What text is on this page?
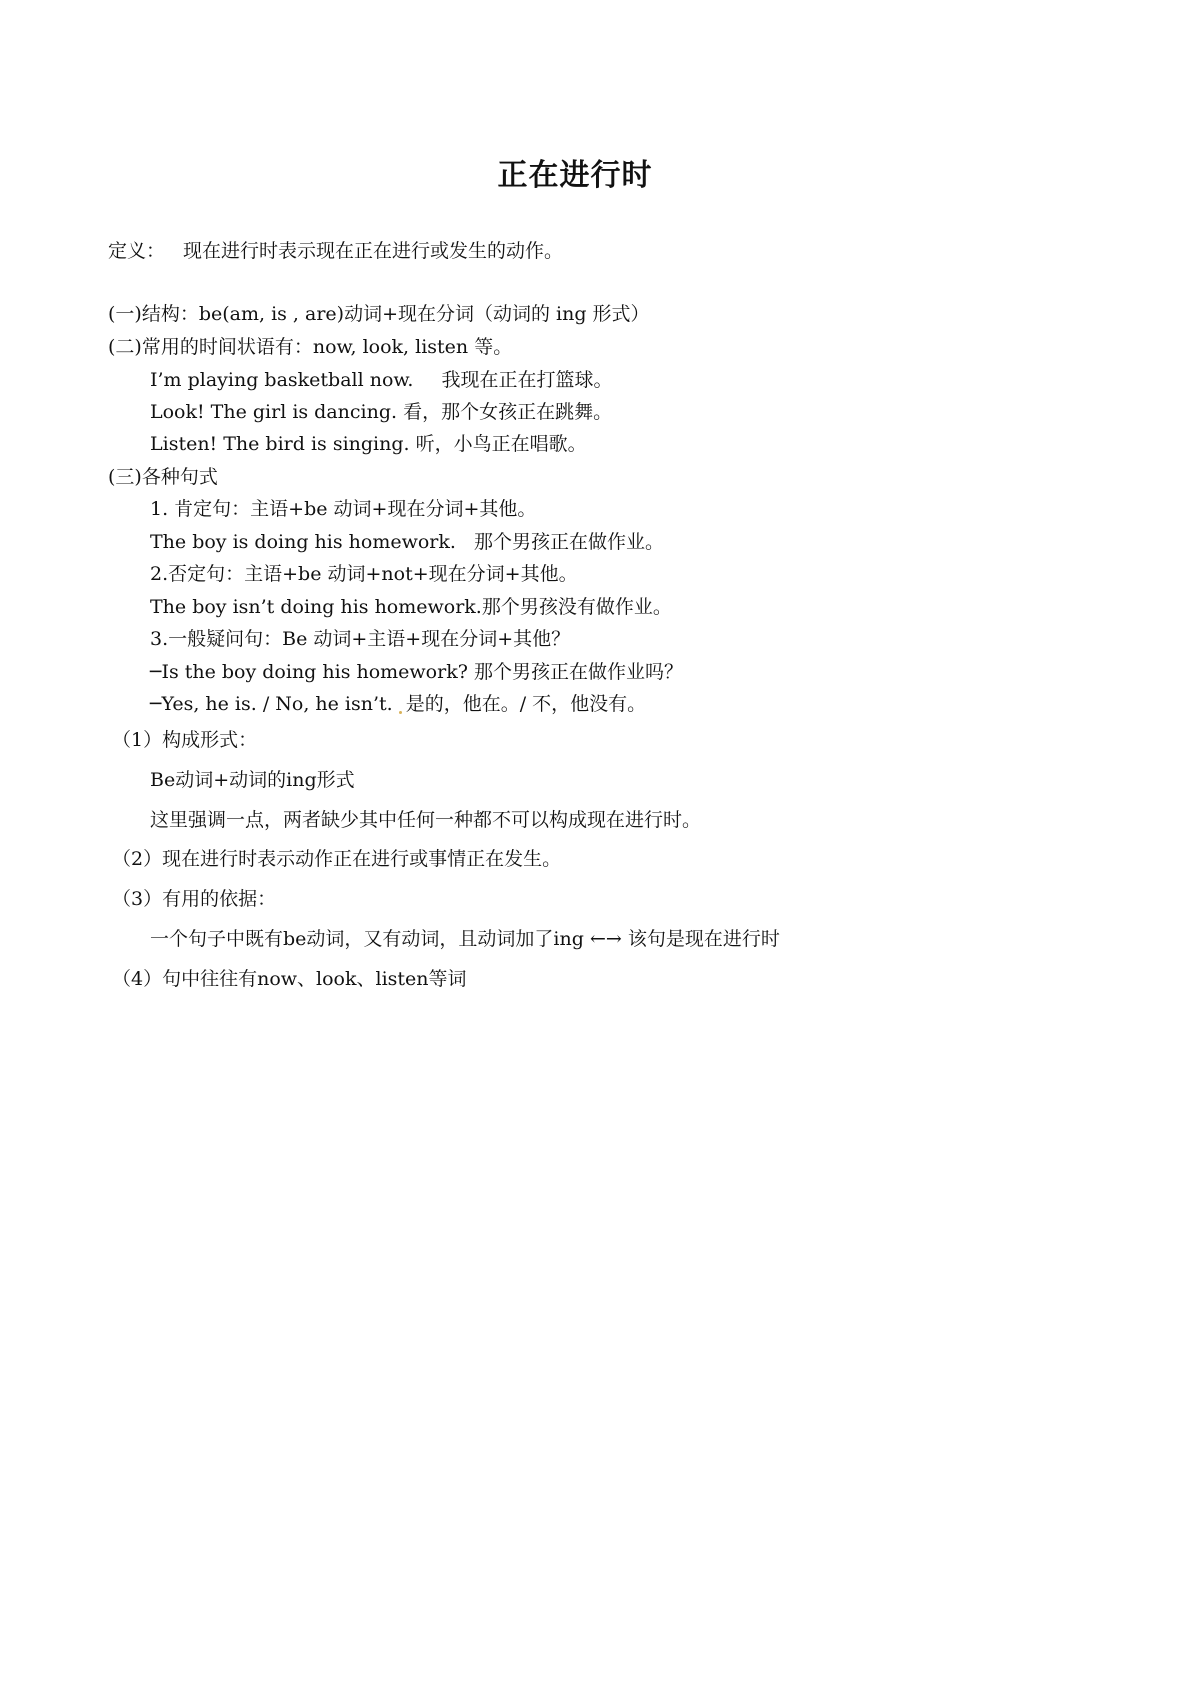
正在进行时
定义： 现在进行时表示现在正在进行或发生的动作。
(一)结构：be(am, is , are)动词+现在分词（动词的 ing 形式）
(二)常用的时间状语有：now, look, listen 等。
I’m playing basketball now. 我现在正在打篮球。
Look! The girl is dancing. 看，那个女孩正在跳舞。
Listen! The bird is singing. 听，小鸟正在唱歌。
(三)各种句式
1. 肯定句：主语+be 动词+现在分词+其他。
The boy is doing his homework. 那个男孩正在做作业。
2.否定句：主语+be 动词+not+现在分词+其他。
The boy isn’t doing his homework.那个男孩没有做作业。
3.一般疑问句：Be 动词+主语+现在分词+其他？
─Is the boy doing his homework? 那个男孩正在做作业吗？
─Yes, he is. / No, he isn’t. 是的，他在。/ 不，他没有。
（1）构成形式：
Be动词+动词的ing形式
这里强调一点，两者缺少其中任何一种都不可以构成现在进行时。
（2）现在进行时表示动作正在进行或事情正在发生。
（3）有用的依据：
一个句子中既有be动词，又有动词，且动词加了ing ←→ 该句是现在进行时
（4）句中往往有now、look、listen等词
